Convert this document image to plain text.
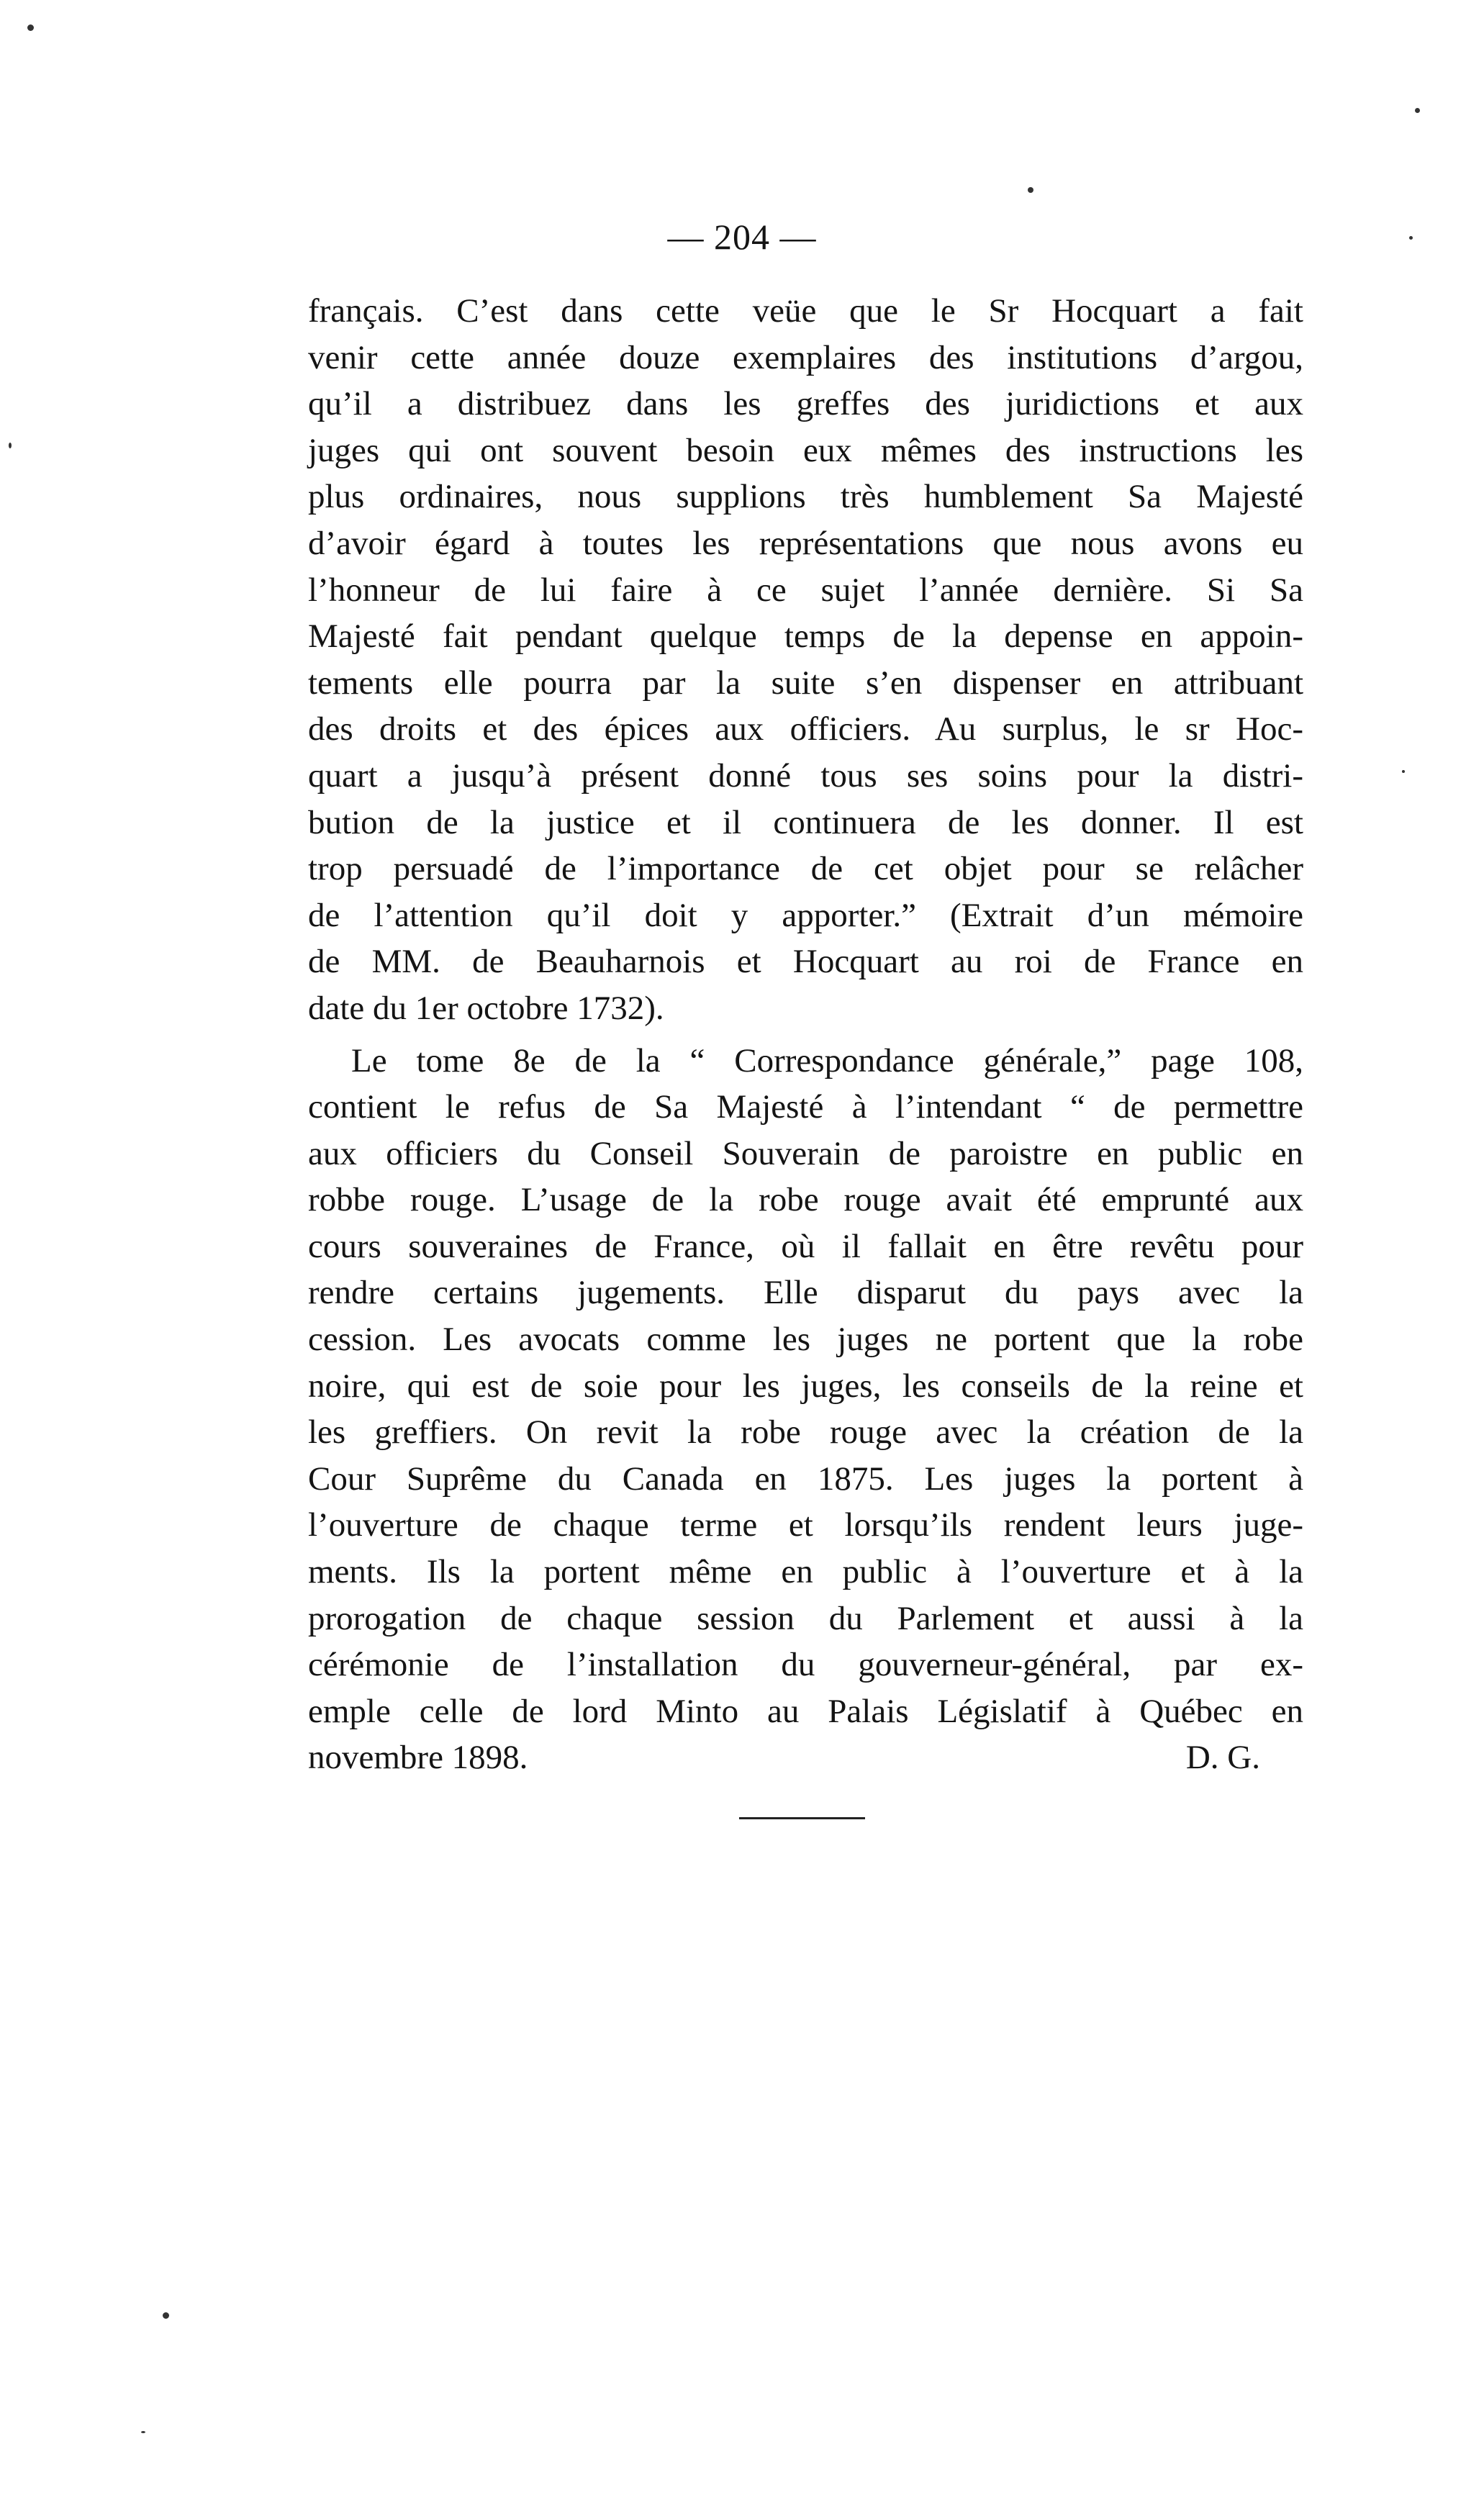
— 204 —
français. C’est dans cette veüe que le Sr Hocquart a fait
venir cette année douze exemplaires des institutions d’argou,
qu’il a distribuez dans les greffes des juridictions et aux
juges qui ont souvent besoin eux mêmes des instructions les
plus ordinaires, nous supplions très humblement Sa Majesté
d’avoir égard à toutes les représentations que nous avons eu
l’honneur de lui faire à ce sujet l’année dernière. Si Sa
Majesté fait pendant quelque temps de la depense en appoin-
tements elle pourra par la suite s’en dispenser en attribuant
des droits et des épices aux officiers. Au surplus, le sr Hoc-
quart a jusqu’à présent donné tous ses soins pour la distri-
bution de la justice et il continuera de les donner. Il est
trop persuadé de l’importance de cet objet pour se relâcher
de l’attention qu’il doit y apporter.” (Extrait d’un mémoire
de MM. de Beauharnois et Hocquart au roi de France en
date du 1er octobre 1732).
Le tome 8e de la “ Correspondance générale,” page 108,
contient le refus de Sa Majesté à l’intendant “ de permettre
aux officiers du Conseil Souverain de paroistre en public en
robbe rouge. L’usage de la robe rouge avait été emprunté aux
cours souveraines de France, où il fallait en être revêtu pour
rendre certains jugements. Elle disparut du pays avec la
cession. Les avocats comme les juges ne portent que la robe
noire, qui est de soie pour les juges, les conseils de la reine et
les greffiers. On revit la robe rouge avec la création de la
Cour Suprême du Canada en 1875. Les juges la portent à
l’ouverture de chaque terme et lorsqu’ils rendent leurs juge-
ments. Ils la portent même en public à l’ouverture et à la
prorogation de chaque session du Parlement et aussi à la
cérémonie de l’installation du gouverneur-général, par ex-
emple celle de lord Minto au Palais Législatif à Québec en
novembre 1898.	D. G.
